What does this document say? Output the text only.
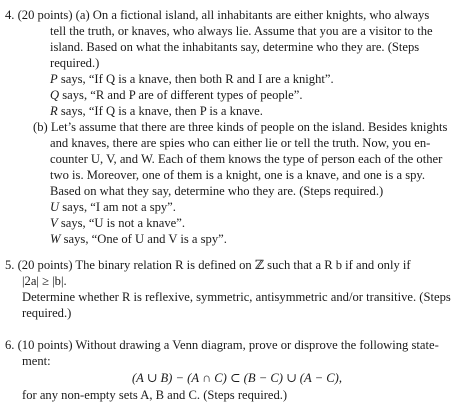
4. (20 points) (a) On a fictional island, all inhabitants are either knights, who always
tell the truth, or knaves, who always lie. Assume that you are a visitor to the
island. Based on what the inhabitants say, determine who they are. (Steps
required.)
P says, “If Q is a knave, then both R and I are a knight”.
Q says, “R and P are of different types of people”.
R says, “If Q is a knave, then P is a knave.
(b) Let’s assume that there are three kinds of people on the island. Besides knights
and knaves, there are spies who can either lie or tell the truth. Now, you en-
counter U, V, and W. Each of them knows the type of person each of the other
two is. Moreover, one of them is a knight, one is a knave, and one is a spy.
Based on what they say, determine who they are. (Steps required.)
U says, “I am not a spy”.
V says, “U is not a knave”.
W says, “One of U and V is a spy”.
5. (20 points) The binary relation R is defined on ℤ such that a R b if and only if
|2a| ≥ |b|.
Determine whether R is reflexive, symmetric, antisymmetric and/or transitive. (Steps
required.)
6. (10 points) Without drawing a Venn diagram, prove or disprove the following state-
ment:
(A ∪ B) − (A ∩ C) ⊂ (B − C) ∪ (A − C),
for any non-empty sets A, B and C. (Steps required.)
